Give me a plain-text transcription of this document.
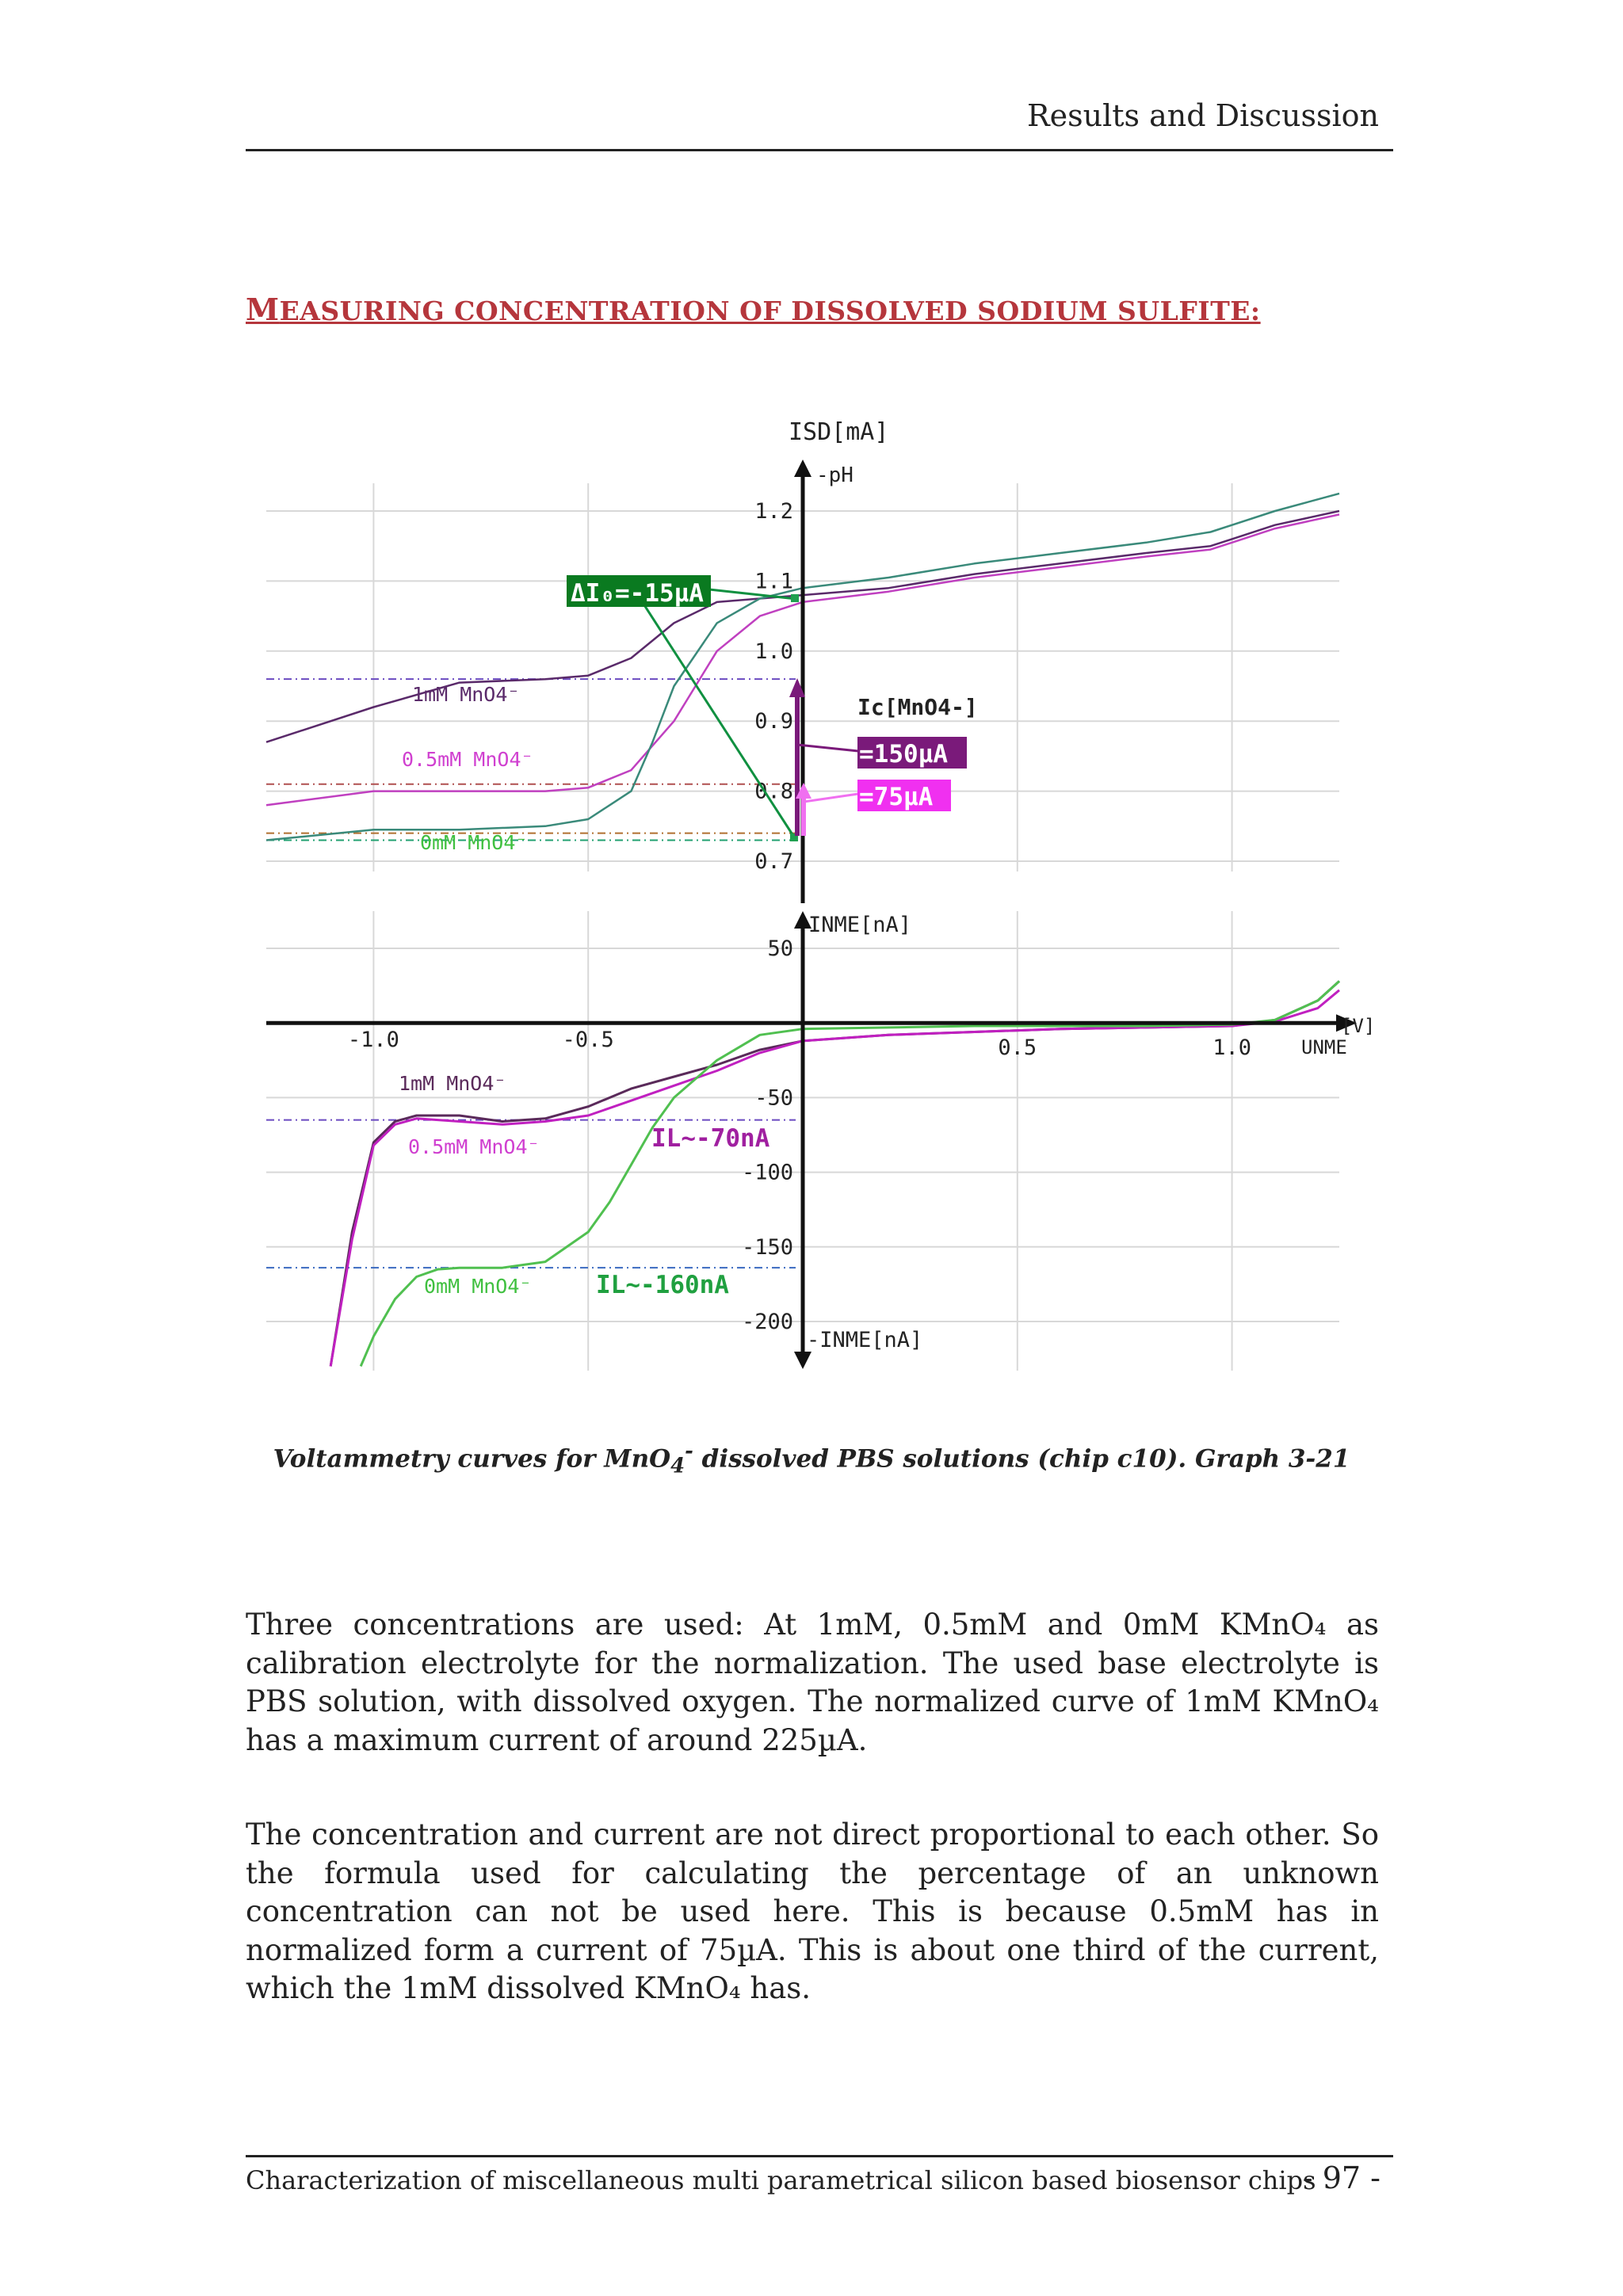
Results and Discussion
MEASURING CONCENTRATION OF DISSOLVED SODIUM SULFITE:
0.7
0.8
0.9
1.0
1.1
1.2
50
-50
-100
-150
-200
-1.0	-0.5	0.5	1.0
ISD[mA]
-pH
INME[nA]
-INME[nA]
[V]
UNME
1mM MnO4⁻
0.5mM MnO4⁻
0mM MnO4⁻
1mM MnO4⁻
0.5mM MnO4⁻
0mM MnO4⁻
ΔI₀=-15µA
Ic[MnO4-]
=150µA
=75µA
IL~-70nA
IL~-160nA
Voltammetry curves for MnO$_4$- dissolved PBS solutions (chip c10). Graph 3-21

Three concentrations are used: At 1mM, 0.5mM and 0mM KMnO₄ as calibration electrolyte for the normalization. The used base electrolyte is PBS solution, with dissolved oxygen. The normalized curve of 1mM KMnO₄ has a maximum current of around 225µA.

The concentration and current are not direct proportional to each other. So the formula used for calculating the percentage of an unknown concentration can not be used here. This is because 0.5mM has in normalized form a current of 75µA. This is about one third of the current, which the 1mM dissolved KMnO₄ has.

Characterization of miscellaneous multi parametrical silicon based biosensor chips
- 97 -
